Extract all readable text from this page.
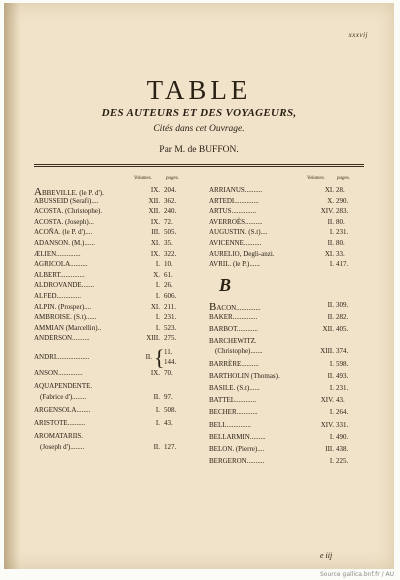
xxxvij
TABLE
DES AUTEURS ET DES VOYAGEURS,
Cités dans cet Ouvrage.
Par M. de BUFFON.
Volumes.	pages.
ABBEVILLE. (le P. d').	IX. 204.
ABUSSEID (Serafi)....	XII. 362.
ACOSTA. (Christophe).	XII. 240.
ACOSTA. (Joseph)...	IX. 72.
ACOÑA. (le P. d')....	III. 505.
ADANSON. (M.)......	XI. 35.
ÆLIEN..............	IX. 322.
AGRICOLA..........	I. 10.
ALBERT..............	X. 61.
ALDROVANDE.......	I. 26.
ALFED..............	I. 606.
ALPIN. (Prosper)....	XI. 211.
AMBROISE. (S.t)......	I. 231.
AMMIAN (Marcellin)..	I. 523.
ANDERSON..........	XIII. 275.
ANDRI...................	II. { 11.
144.
ANSON..............	IX. 70.
AQUAPENDENTE.
(Fabrice d')........	II. 97.
ARGENSOLA........	I. 508.
ARISTOTE..........	I. 43.
AROMATARIIS.
(Joseph d')........	II. 127.
Volumes. pages.
ARRIANUS..........	XI. 28.
ARTEDI..............	X. 290.
ARTUS..............	XIV. 283.
AVERROÈS..........	II. 80.
AUGUSTIN. (S.t)....	I. 231.
AVICENNE..........	II. 80.
AURELIO, Degli-anzi.	XI. 33.
AVRIL. (le P.)......	I. 417.
B
BACON..............	II. 309.
BAKER..............	II. 282.
BARBOT............	XII. 405.
BARCHEWITZ.
(Christophe).......	XIII. 374.
BARRÈRE..........	I. 598.
BARTHOLIN (Thomas).	II. 493.
BASILE. (S.t)......	I. 231.
BATTEL............	XIV. 43.
BECHER............	I. 264.
BELL..............	XIV. 331.
BELLARMIN.........	I. 490.
BELON. (Pierre)....	III. 438.
BERGERON..........	I. 225.
e iij
Source gallica.bnf.fr / AU
